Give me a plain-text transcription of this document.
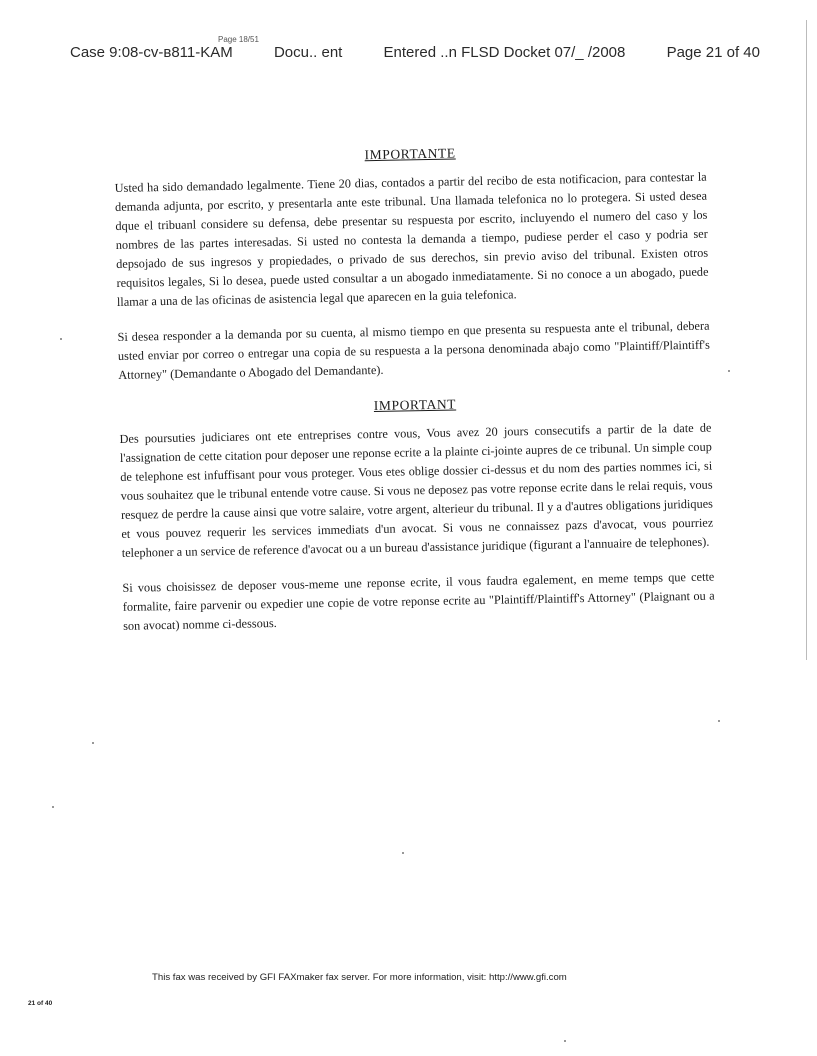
Case 9:08-cv-в811-KAM	Docu.. ent	Entered ..n FLSD Docket 07/_ /2008	Page 21 of 40
Page 18/51

IMPORTANTE

Usted ha sido demandado legalmente. Tiene 20 dias, contados a partir del recibo de esta notificacion, para contestar la demanda adjunta, por escrito, y presentarla ante este tribunal. Una llamada telefonica no lo protegera. Si usted desea dque el tribuanl considere su defensa, debe presentar su respuesta por escrito, incluyendo el numero del caso y los nombres de las partes interesadas. Si usted no contesta la demanda a tiempo, pudiese perder el caso y podria ser depsojado de sus ingresos y propiedades, o privado de sus derechos, sin previo aviso del tribunal. Existen otros requisitos legales, Si lo desea, puede usted consultar a un abogado inmediatamente. Si no conoce a un abogado, puede llamar a una de las oficinas de asistencia legal que aparecen en la guia telefonica.

Si desea responder a la demanda por su cuenta, al mismo tiempo en que presenta su respuesta ante el tribunal, debera usted enviar por correo o entregar una copia de su respuesta a la persona denominada abajo como "Plaintiff/Plaintiff's Attorney" (Demandante o Abogado del Demandante).

IMPORTANT

Des poursuties judiciares ont ete entreprises contre vous, Vous avez 20 jours consecutifs a partir de la date de l'assignation de cette citation pour deposer une reponse ecrite a la plainte ci-jointe aupres de ce tribunal. Un simple coup de telephone est infuffisant pour vous proteger. Vous etes oblige dossier ci-dessus et du nom des parties nommes ici, si vous souhaitez que le tribunal entende votre cause. Si vous ne deposez pas votre reponse ecrite dans le relai requis, vous resquez de perdre la cause ainsi que votre salaire, votre argent, alterieur du tribunal. Il y a d'autres obligations juridiques et vous pouvez requerir les services immediats d'un avocat. Si vous ne connaissez pazs d'avocat, vous pourriez telephoner a un service de reference d'avocat ou a un bureau d'assistance juridique (figurant a l'annuaire de telephones).

Si vous choisissez de deposer vous-meme une reponse ecrite, il vous faudra egalement, en meme temps que cette formalite, faire parvenir ou expedier une copie de votre reponse ecrite au "Plaintiff/Plaintiff's Attorney" (Plaignant ou a son avocat) nomme ci-dessous.

This fax was received by GFI FAXmaker fax server. For more information, visit: http://www.gfi.com
21 of 40
